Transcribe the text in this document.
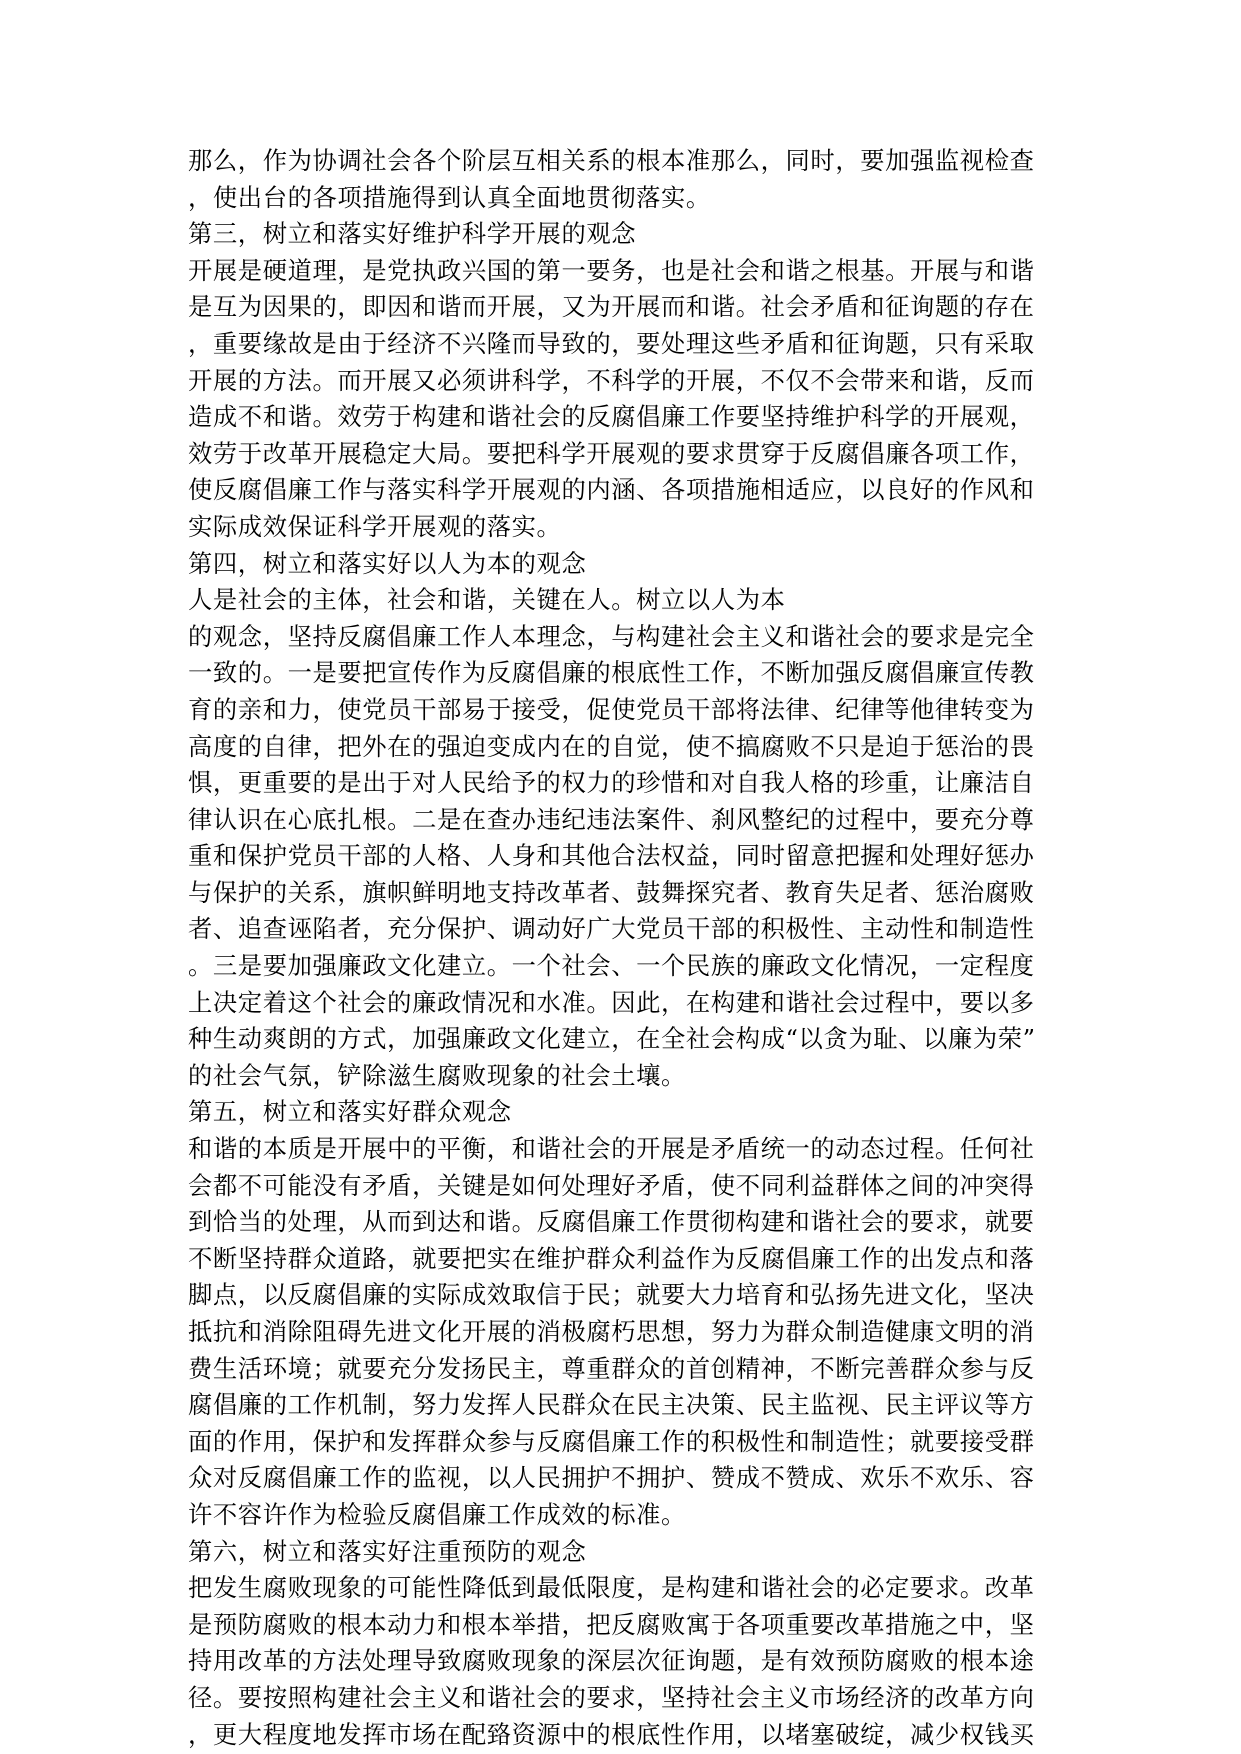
那么，作为协调社会各个阶层互相关系的根本准那么，同时，要加强监视检查
，使出台的各项措施得到认真全面地贯彻落实。
第三，树立和落实好维护科学开展的观念
开展是硬道理，是党执政兴国的第一要务，也是社会和谐之根基。开展与和谐
是互为因果的，即因和谐而开展，又为开展而和谐。社会矛盾和征询题的存在
，重要缘故是由于经济不兴隆而导致的，要处理这些矛盾和征询题，只有采取
开展的方法。而开展又必须讲科学，不科学的开展，不仅不会带来和谐，反而
造成不和谐。效劳于构建和谐社会的反腐倡廉工作要坚持维护科学的开展观，
效劳于改革开展稳定大局。要把科学开展观的要求贯穿于反腐倡廉各项工作，
使反腐倡廉工作与落实科学开展观的内涵、各项措施相适应，以良好的作风和
实际成效保证科学开展观的落实。
第四，树立和落实好以人为本的观念
人是社会的主体，社会和谐，关键在人。树立以人为本
的观念，坚持反腐倡廉工作人本理念，与构建社会主义和谐社会的要求是完全
一致的。一是要把宣传作为反腐倡廉的根底性工作，不断加强反腐倡廉宣传教
育的亲和力，使党员干部易于接受，促使党员干部将法律、纪律等他律转变为
高度的自律，把外在的强迫变成内在的自觉，使不搞腐败不只是迫于惩治的畏
惧，更重要的是出于对人民给予的权力的珍惜和对自我人格的珍重，让廉洁自
律认识在心底扎根。二是在查办违纪违法案件、刹风整纪的过程中，要充分尊
重和保护党员干部的人格、人身和其他合法权益，同时留意把握和处理好惩办
与保护的关系，旗帜鲜明地支持改革者、鼓舞探究者、教育失足者、惩治腐败
者、追查诬陷者，充分保护、调动好广大党员干部的积极性、主动性和制造性
。三是要加强廉政文化建立。一个社会、一个民族的廉政文化情况，一定程度
上决定着这个社会的廉政情况和水准。因此，在构建和谐社会过程中，要以多
种生动爽朗的方式，加强廉政文化建立，在全社会构成“以贪为耻、以廉为荣”
的社会气氛，铲除滋生腐败现象的社会土壤。
第五，树立和落实好群众观念
和谐的本质是开展中的平衡，和谐社会的开展是矛盾统一的动态过程。任何社
会都不可能没有矛盾，关键是如何处理好矛盾，使不同利益群体之间的冲突得
到恰当的处理，从而到达和谐。反腐倡廉工作贯彻构建和谐社会的要求，就要
不断坚持群众道路，就要把实在维护群众利益作为反腐倡廉工作的出发点和落
脚点，以反腐倡廉的实际成效取信于民；就要大力培育和弘扬先进文化，坚决
抵抗和消除阻碍先进文化开展的消极腐朽思想，努力为群众制造健康文明的消
费生活环境；就要充分发扬民主，尊重群众的首创精神，不断完善群众参与反
腐倡廉的工作机制，努力发挥人民群众在民主决策、民主监视、民主评议等方
面的作用，保护和发挥群众参与反腐倡廉工作的积极性和制造性；就要接受群
众对反腐倡廉工作的监视，以人民拥护不拥护、赞成不赞成、欢乐不欢乐、容
许不容许作为检验反腐倡廉工作成效的标准。
第六，树立和落实好注重预防的观念
把发生腐败现象的可能性降低到最低限度，是构建和谐社会的必定要求。改革
是预防腐败的根本动力和根本举措，把反腐败寓于各项重要改革措施之中，坚
持用改革的方法处理导致腐败现象的深层次征询题，是有效预防腐败的根本途
径。要按照构建社会主义和谐社会的要求，坚持社会主义市场经济的改革方向
，更大程度地发挥市场在配臵资源中的根底性作用，以堵塞破绽，减少权钱买
